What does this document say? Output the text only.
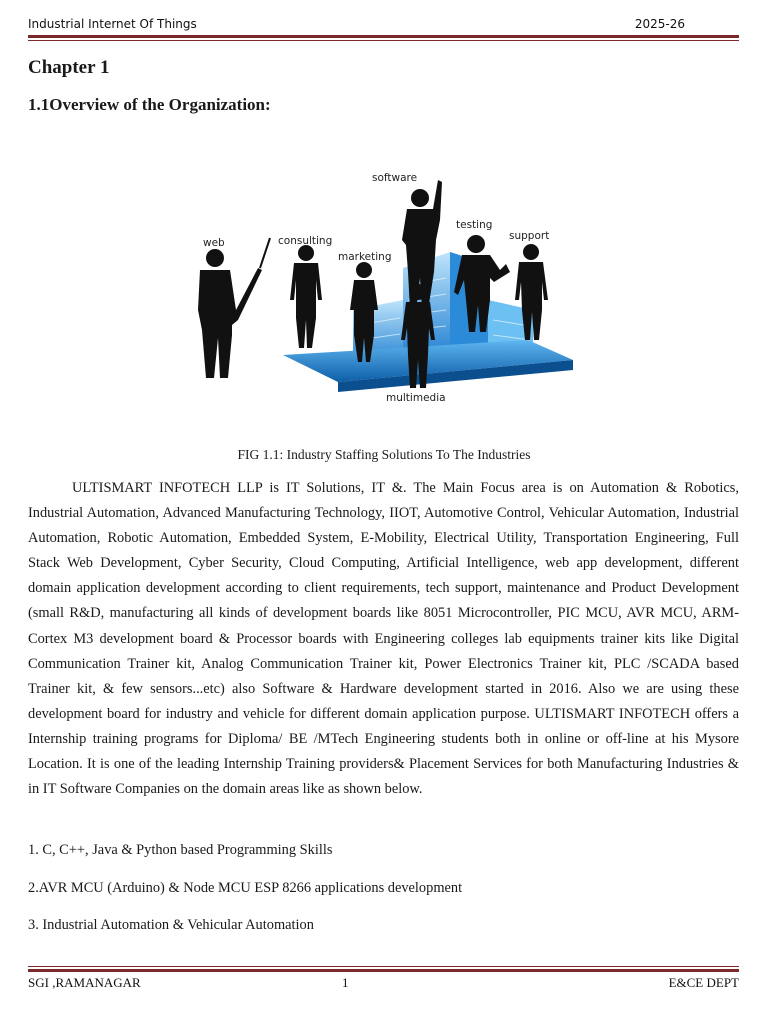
Industrial Internet Of Things	2025-26
Chapter 1
1.1Overview of the Organization:
software
web	consulting
marketing
testing
support
multimedia
FIG 1.1: Industry Staffing Solutions To The Industries

ULTISMART INFOTECH LLP is IT Solutions, IT &. The Main Focus area is on Automation & Robotics, Industrial Automation, Advanced Manufacturing Technology, IIOT, Automotive Control, Vehicular Automation, Industrial Automation, Robotic Automation, Embedded System, E-Mobility, Electrical Utility, Transportation Engineering, Full Stack Web Development, Cyber Security, Cloud Computing, Artificial Intelligence, web app development, different domain application development according to client requirements, tech support, maintenance and Product Development (small R&D, manufacturing all kinds of development boards like 8051 Microcontroller, PIC MCU, AVR MCU, ARM-Cortex M3 development board & Processor boards with Engineering colleges lab equipments trainer kits like Digital Communication Trainer kit, Analog Communication Trainer kit, Power Electronics Trainer kit, PLC /SCADA based Trainer kit, & few sensors...etc) also Software & Hardware development started in 2016. Also we are using these development board for industry and vehicle for different domain application purpose. ULTISMART INFOTECH offers a Internship training programs for Diploma/ BE /MTech Engineering students both in online or off-line at his Mysore Location. It is one of the leading Internship Training providers& Placement Services for both Manufacturing Industries & in IT Software Companies on the domain areas like as shown below.

1. C, C++, Java & Python based Programming Skills

2.AVR MCU (Arduino) & Node MCU ESP 8266 applications development

3. Industrial Automation & Vehicular Automation

SGI ,RAMANAGAR	1	E&CE DEPT
